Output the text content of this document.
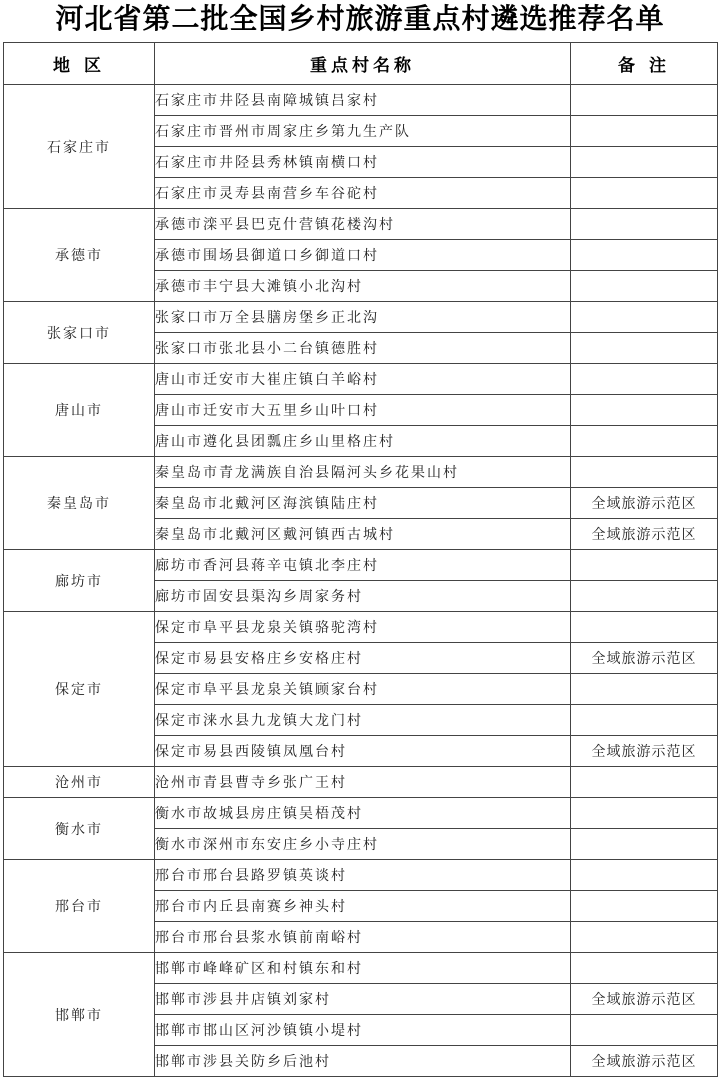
河北省第二批全国乡村旅游重点村遴选推荐名单
地 区	重点村名称	备 注
石家庄市	石家庄市井陉县南障城镇吕家村	
	石家庄市晋州市周家庄乡第九生产队	
	石家庄市井陉县秀林镇南横口村	
	石家庄市灵寿县南营乡车谷砣村	
承德市	承德市滦平县巴克什营镇花楼沟村	
	承德市围场县御道口乡御道口村	
	承德市丰宁县大滩镇小北沟村	
张家口市	张家口市万全县膳房堡乡正北沟	
	张家口市张北县小二台镇德胜村	
唐山市	唐山市迁安市大崔庄镇白羊峪村	
	唐山市迁安市大五里乡山叶口村	
	唐山市遵化县团瓢庄乡山里格庄村	
秦皇岛市	秦皇岛市青龙满族自治县隔河头乡花果山村	
	秦皇岛市北戴河区海滨镇陆庄村	全域旅游示范区
	秦皇岛市北戴河区戴河镇西古城村	全域旅游示范区
廊坊市	廊坊市香河县蒋辛屯镇北李庄村	
	廊坊市固安县渠沟乡周家务村	
保定市	保定市阜平县龙泉关镇骆驼湾村	
	保定市易县安格庄乡安格庄村	全域旅游示范区
	保定市阜平县龙泉关镇顾家台村	
	保定市涞水县九龙镇大龙门村	
	保定市易县西陵镇凤凰台村	全域旅游示范区
沧州市	沧州市青县曹寺乡张广王村	
衡水市	衡水市故城县房庄镇吴梧茂村	
	衡水市深州市东安庄乡小寺庄村	
邢台市	邢台市邢台县路罗镇英谈村	
	邢台市内丘县南赛乡神头村	
	邢台市邢台县浆水镇前南峪村	
邯郸市	邯郸市峰峰矿区和村镇东和村	
	邯郸市涉县井店镇刘家村	全域旅游示范区
	邯郸市邯山区河沙镇镇小堤村	
	邯郸市涉县关防乡后池村	全域旅游示范区
